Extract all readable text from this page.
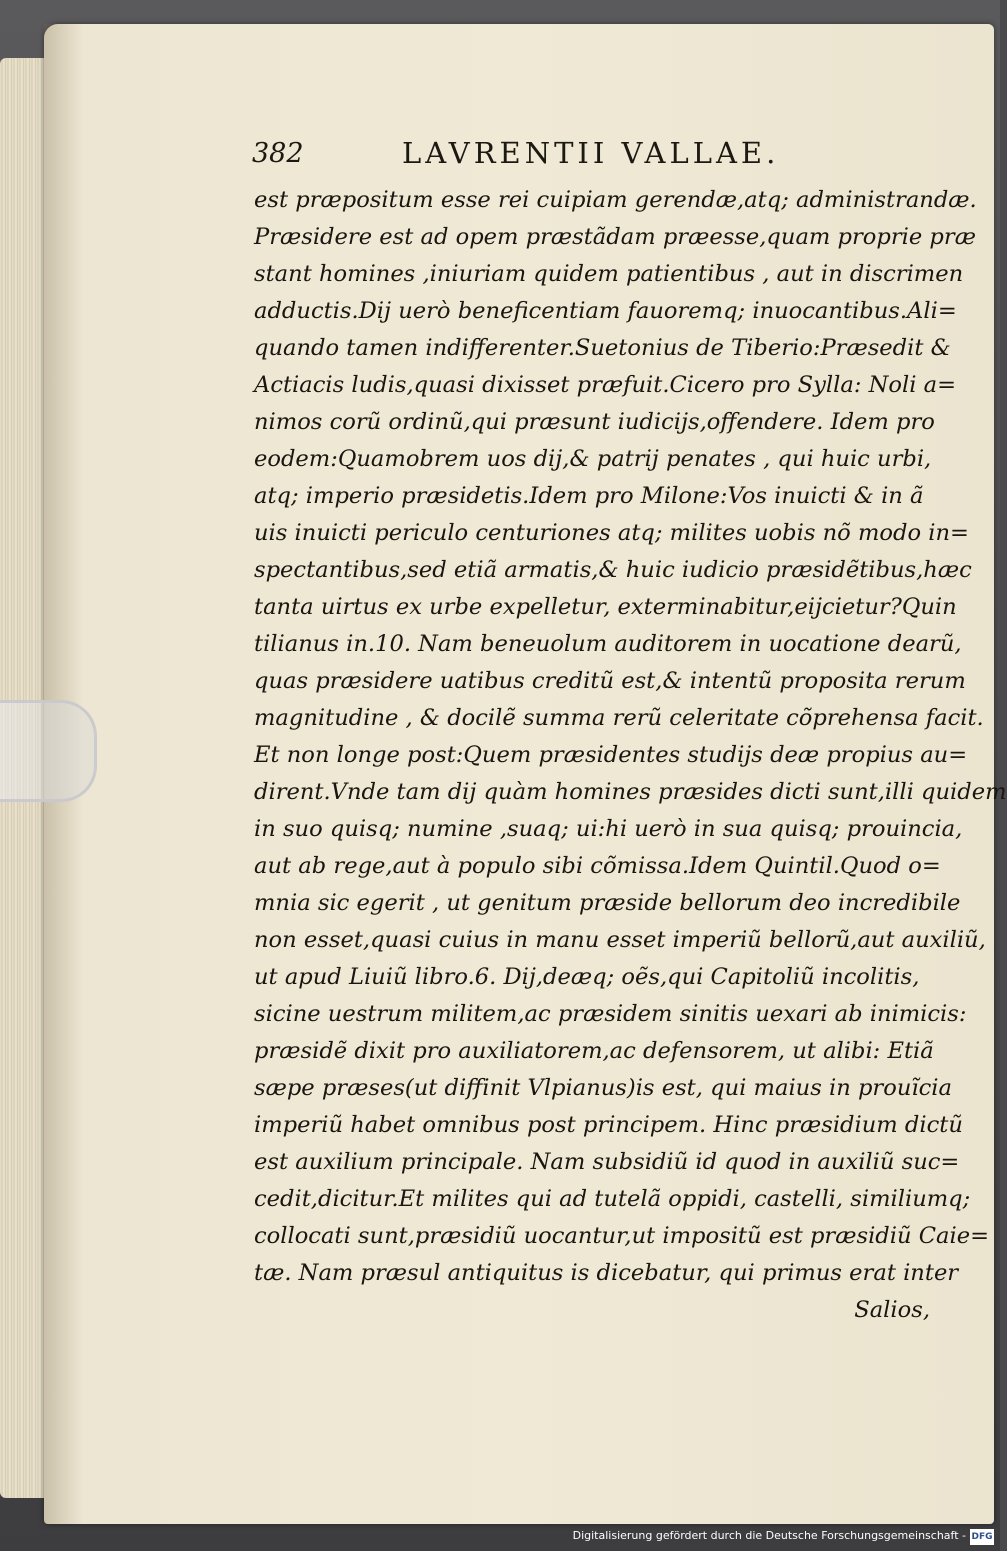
382	LAVRENTII VALLAE.
est præpositum esse rei cuipiam gerendæ,atq; administrandæ.
Præsidere est ad opem præstãdam præesse,quam proprie præ
stant homines ,iniuriam quidem patientibus , aut in discrimen
adductis.Dij uerò beneficentiam fauoremq; inuocantibus.Ali=
quando tamen indifferenter.Suetonius de Tiberio:Præsedit &
Actiacis ludis,quasi dixisset præfuit.Cicero pro Sylla: Noli a=
nimos corũ ordinũ,qui præsunt iudicijs,offendere. Idem pro
eodem:Quamobrem uos dij,& patrij penates , qui huic urbi,
atq; imperio præsidetis.Idem pro Milone:Vos inuicti & in ã
uis inuicti periculo centuriones atq; milites uobis nõ modo in=
spectantibus,sed etiã armatis,& huic iudicio præsidẽtibus,hæc
tanta uirtus ex urbe expelletur, exterminabitur,eijcietur?Quin
tilianus in.10. Nam beneuolum auditorem in uocatione dearũ,
quas præsidere uatibus creditũ est,& intentũ proposita rerum
magnitudine , & docilẽ summa rerũ celeritate cõprehensa facit.
Et non longe post:Quem præsidentes studijs deæ propius au=
dirent.Vnde tam dij quàm homines præsides dicti sunt,illi quidem
in suo quisq; numine ,suaq; ui:hi uerò in sua quisq; prouincia,
aut ab rege,aut à populo sibi cõmissa.Idem Quintil.Quod o=
mnia sic egerit , ut genitum præside bellorum deo incredibile
non esset,quasi cuius in manu esset imperiũ bellorũ,aut auxiliũ,
ut apud Liuiũ libro.6. Dij,deæq; oẽs,qui Capitoliũ incolitis,
sicine uestrum militem,ac præsidem sinitis uexari ab inimicis:
præsidẽ dixit pro auxiliatorem,ac defensorem, ut alibi: Etiã
sæpe præses(ut diffinit Vlpianus)is est, qui maius in prouĩcia
imperiũ habet omnibus post principem. Hinc præsidium dictũ
est auxilium principale. Nam subsidiũ id quod in auxiliũ suc=
cedit,dicitur.Et milites qui ad tutelã oppidi, castelli, similiumq;
collocati sunt,præsidiũ uocantur,ut impositũ est præsidiũ Caie=
tæ. Nam præsul antiquitus is dicebatur, qui primus erat inter
Salios,
Digitalisierung gefördert durch die Deutsche Forschungsgemeinschaft - DFG
